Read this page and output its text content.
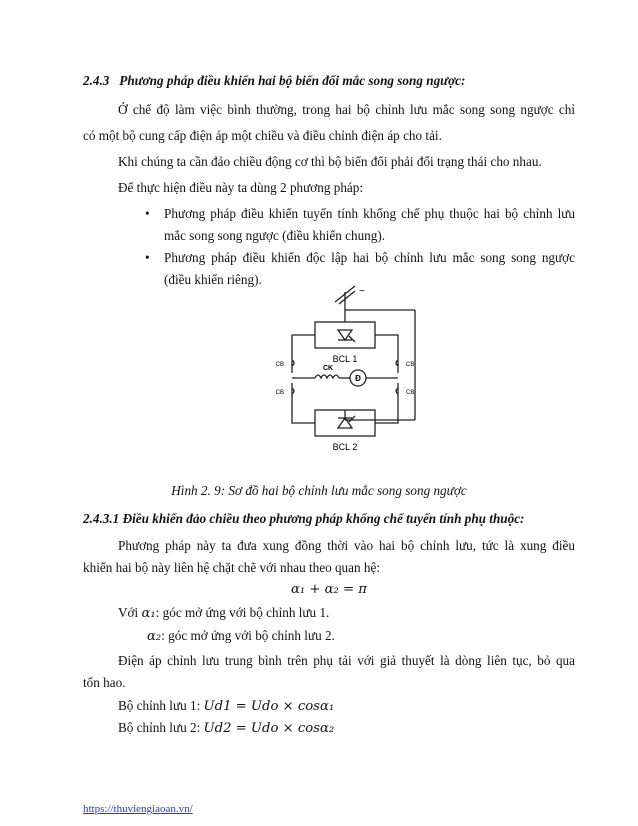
2.4.3 Phương pháp điều khiển hai bộ biến đổi mắc song song ngược:
Ở chế độ làm việc bình thường, trong hai bộ chỉnh lưu mắc song song ngược chỉ
có một bộ cung cấp điện áp một chiều và điều chỉnh điện áp cho tải.
Khi chúng ta cần đảo chiều động cơ thì bộ biến đổi phải đổi trạng thái cho nhau.
Để thực hiện điều này ta dùng 2 phương pháp:
• Phương pháp điều khiển tuyến tính khống chế phụ thuộc hai bộ chỉnh lưu
mắc song song ngược (điều khiển chung).
• Phương pháp điều khiển độc lập hai bộ chỉnh lưu mắc song song ngược
(điều khiển riêng).
BCL 1
BCL 2
CK
Đ
CB
CB
CB
CB
~
Hình 2. 9: Sơ đồ hai bộ chỉnh lưu mắc song song ngược
2.4.3.1 Điều khiển đảo chiều theo phương pháp khống chế tuyến tính phụ thuộc:
Phương pháp này ta đưa xung đồng thời vào hai bộ chỉnh lưu, tức là xung điều
khiển hai bộ này liên hệ chặt chẽ với nhau theo quan hệ:
α₁ + α₂ = π
Với α₁: góc mở ứng với bộ chỉnh lưu 1.
α₂: góc mở ứng với bộ chỉnh lưu 2.
Điện áp chỉnh lưu trung bình trên phụ tải với giả thuyết là dòng liên tục, bỏ qua
tổn hao.
Bộ chỉnh lưu 1: Ud1 = Udo × cosα₁
Bộ chỉnh lưu 2: Ud2 = Udo × cosα₂
https://thuviengiaoan.vn/
